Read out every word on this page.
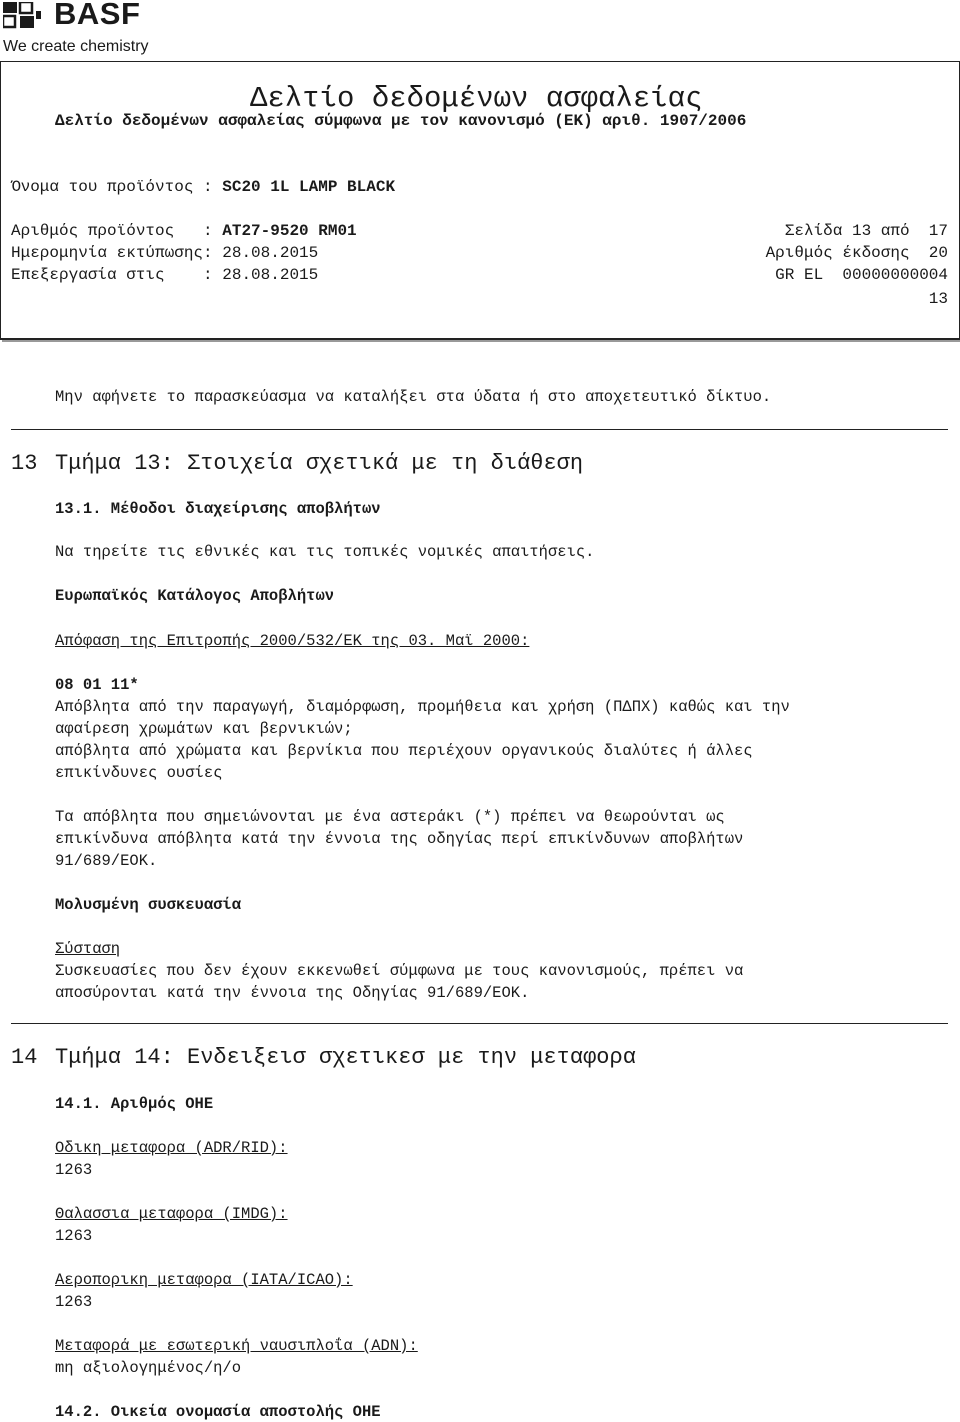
BASF
We create chemistry
Δελτίο δεδομένων ασφαλείας
Δελτίο δεδομένων ασφαλείας σύμφωνα με τον κανονισμό (ΕΚ) αριθ. 1907/2006
Όνομα του προϊόντος : SC20 1L LAMP BLACK
Αριθμός προϊόντος   : AT27-9520 RM01
Ημερομηνία εκτύπωσης: 28.08.2015
Επεξεργασία στις    : 28.08.2015
Σελίδα 13 από  17
Αριθμός έκδοσης  20
GR EL  00000000004
13
Μην αφήνετε το παρασκεύασμα να καταλήξει στα ύδατα ή στο αποχετευτικό δίκτυο.
13 Τμήμα 13: Στοιχεία σχετικά με τη διάθεση
13.1. Μέθοδοι διαχείρισης αποβλήτων
Να τηρείτε τις εθνικές και τις τοπικές νομικές απαιτήσεις.
Ευρωπαϊκός Κατάλογος Αποβλήτων
Απόφαση της Επιτροπής 2000/532/ΕΚ της 03. Μαϊ 2000:
08 01 11*
Απόβλητα από την παραγωγή, διαμόρφωση, προμήθεια και χρήση (ΠΔΠΧ) καθώς και την
αφαίρεση χρωμάτων και βερνικιών;
απόβλητα από χρώματα και βερνίκια που περιέχουν οργανικούς διαλύτες ή άλλες
επικίνδυνες ουσίες
Τα απόβλητα που σημειώνονται με ένα αστεράκι (*) πρέπει να θεωρούνται ως
επικίνδυνα απόβλητα κατά την έννοια της οδηγίας περί επικίνδυνων αποβλήτων
91/689/ΕΟΚ.
Μολυσμένη συσκευασία
Σύσταση
Συσκευασίες που δεν έχουν εκκενωθεί σύμφωνα με τους κανονισμούς, πρέπει να
αποσύρονται κατά την έννοια της Οδηγίας 91/689/ΕΟΚ.
14 Τμήμα 14: Ενδειξεισ σχετικεσ με την μεταφορα
14.1. Αριθμός ΟΗΕ
Οδικη μεταφορα (ADR/RID):
1263
Θαλασσια μεταφορα (IMDG):
1263
Αεροπορικη μεταφορα (IATA/ICAO):
1263
Μεταφορά με εσωτερική ναυσιπλοΐα (ADN):
mη αξιολογημένος/η/ο
14.2. Οικεία ονομασία αποστολής ΟΗΕ
